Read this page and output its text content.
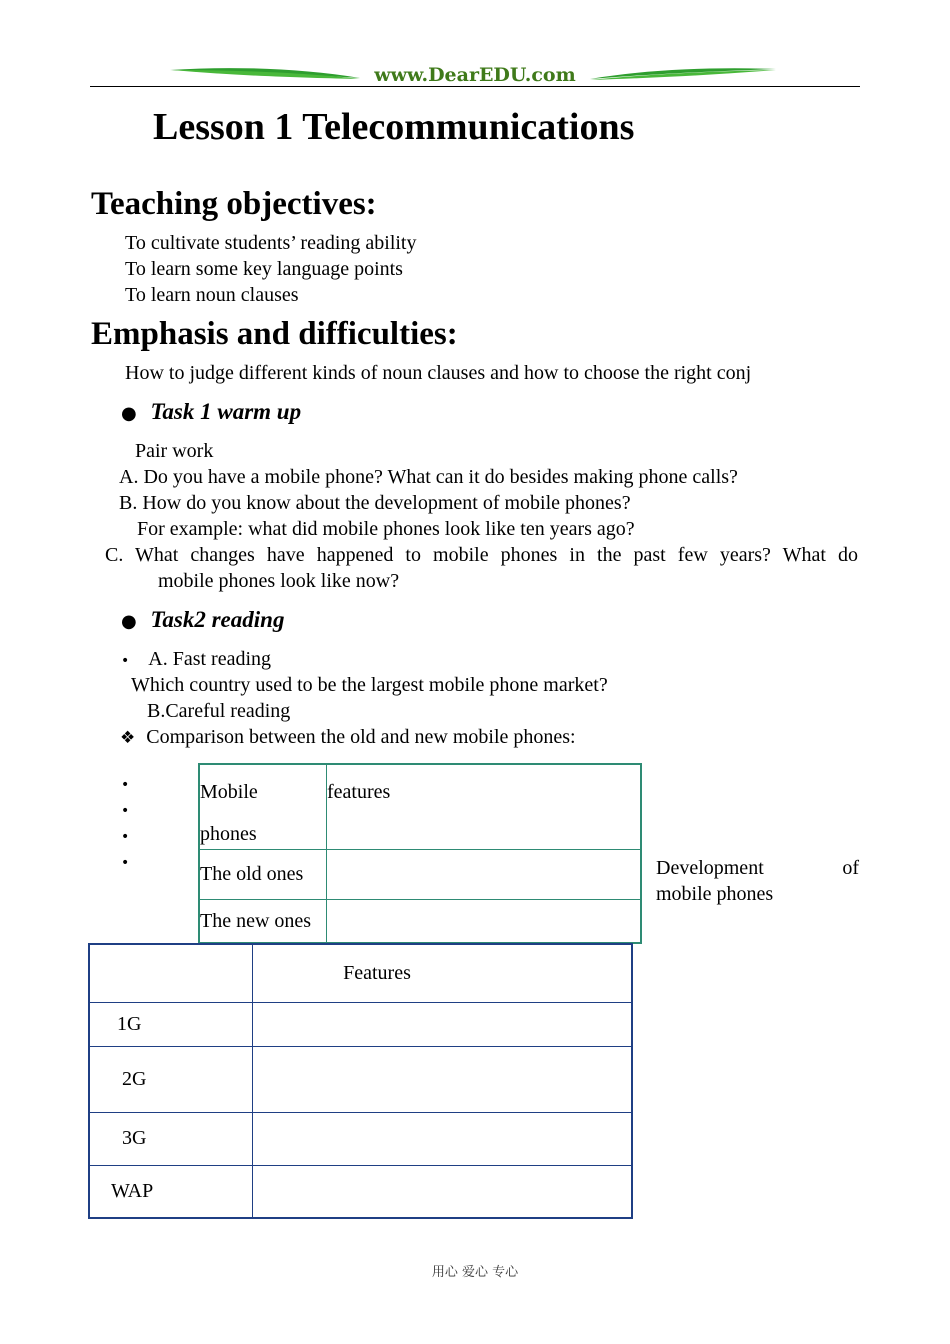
www.DearEDU.com
Lesson 1 Telecommunications
Teaching objectives:
To cultivate students’ reading ability
To learn some key language points
To learn noun clauses
Emphasis and difficulties:
How to judge different kinds of noun clauses and how to choose the right conj
● Task 1 warm up
Pair work
A. Do you have a mobile phone? What can it do besides making phone calls?
B. How do you know about the development of mobile phones?
For example: what did mobile phones look like ten years ago?
C. What changes have happened to mobile phones in the past few years? What do
mobile phones look like now?
● Task2 reading
• A. Fast reading
Which country used to be the largest mobile phone market?
B.Careful reading
❖ Comparison between the old and new mobile phones:
•
•
•
•
Mobile
phones	features

The old ones	
The new ones	
Development	of
mobile phones
	Features
1G	
2G	
3G	
WAP	
用心 爱心 专心
